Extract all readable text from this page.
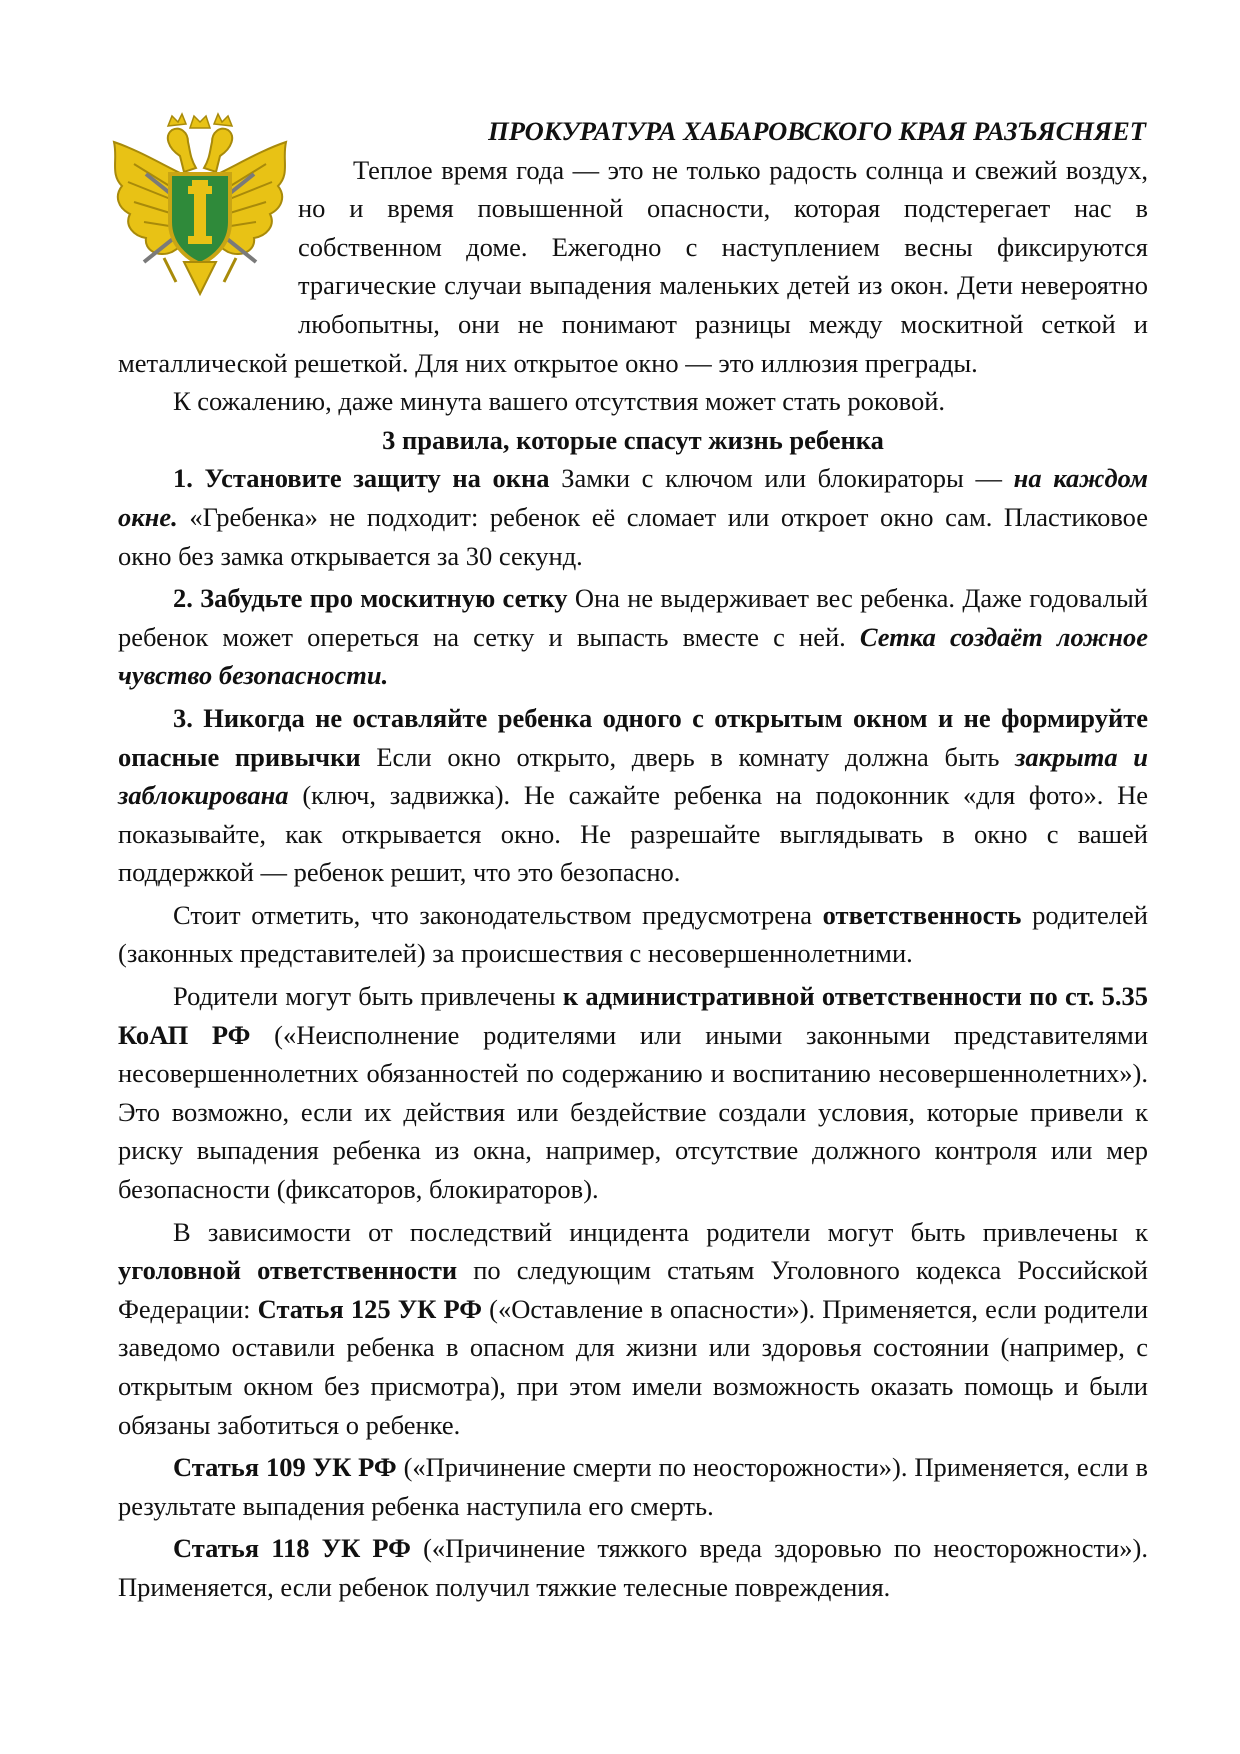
ПРОКУРАТУРА ХАБАРОВСКОГО КРАЯ РАЗЪЯСНЯЕТ

Теплое время года — это не только радость солнца и свежий воздух, но и время повышенной опасности, которая подстерегает нас в собственном доме. Ежегодно с наступлением весны фиксируются трагические случаи выпадения маленьких детей из окон. Дети невероятно любопытны, они не понимают разницы между москитной сеткой и металлической решеткой. Для них открытое окно — это иллюзия преграды.

К сожалению, даже минута вашего отсутствия может стать роковой.

3 правила, которые спасут жизнь ребенка

1. Установите защиту на окна Замки с ключом или блокираторы — на каждом окне. «Гребенка» не подходит: ребенок её сломает или откроет окно сам. Пластиковое окно без замка открывается за 30 секунд.

2. Забудьте про москитную сетку Она не выдерживает вес ребенка. Даже годовалый ребенок может опереться на сетку и выпасть вместе с ней. Сетка создаёт ложное чувство безопасности.

3. Никогда не оставляйте ребенка одного с открытым окном и не формируйте опасные привычки Если окно открыто, дверь в комнату должна быть закрыта и заблокирована (ключ, задвижка). Не сажайте ребенка на подоконник «для фото». Не показывайте, как открывается окно. Не разрешайте выглядывать в окно с вашей поддержкой — ребенок решит, что это безопасно.

Стоит отметить, что законодательством предусмотрена ответственность родителей (законных представителей) за происшествия с несовершеннолетними.

Родители могут быть привлечены к административной ответственности по ст. 5.35 КоАП РФ («Неисполнение родителями или иными законными представителями несовершеннолетних обязанностей по содержанию и воспитанию несовершеннолетних»). Это возможно, если их действия или бездействие создали условия, которые привели к риску выпадения ребенка из окна, например, отсутствие должного контроля или мер безопасности (фиксаторов, блокираторов).

В зависимости от последствий инцидента родители могут быть привлечены к уголовной ответственности по следующим статьям Уголовного кодекса Российской Федерации: Статья 125 УК РФ («Оставление в опасности»). Применяется, если родители заведомо оставили ребенка в опасном для жизни или здоровья состоянии (например, с открытым окном без присмотра), при этом имели возможность оказать помощь и были обязаны заботиться о ребенке.

Статья 109 УК РФ («Причинение смерти по неосторожности»). Применяется, если в результате выпадения ребенка наступила его смерть.

Статья 118 УК РФ («Причинение тяжкого вреда здоровью по неосторожности»). Применяется, если ребенок получил тяжкие телесные повреждения.
